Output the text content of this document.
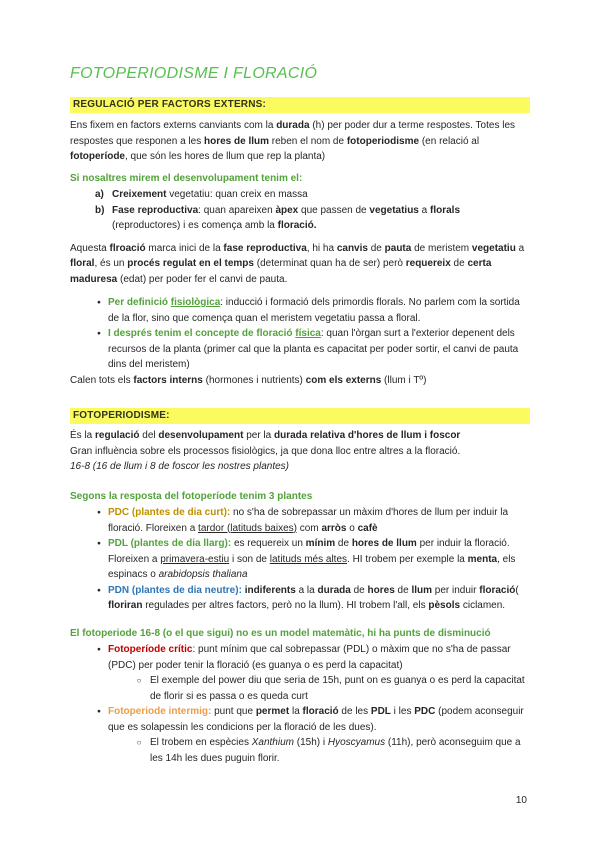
FOTOPERIODISME I FLORACIÓ
REGULACIÓ PER FACTORS EXTERNS:

Ens fixem en factors externs canviants com la durada (h) per poder dur a terme respostes. Totes les respostes que responen a les hores de llum reben el nom de fotoperiodisme (en relació al fotoperíode, que són les hores de llum que rep la planta)

Si nosaltres mirem el desenvolupament tenim el:
a) Creixement vegetatiu: quan creix en massa
b) Fase reproductiva: quan apareixen àpex que passen de vegetatius a florals (reproductores) i es comença amb la floració.

Aquesta flroació marca inici de la fase reproductiva, hi ha canvis de pauta de meristem vegetatiu a floral, és un procés regulat en el temps (determinat quan ha de ser) però requereix de certa maduresa (edat) per poder fer el canvi de pauta.

●
Per definició fisiològica: inducció i formació dels primordis florals. No parlem com la sortida de la flor, sino que comença quan el meristem vegetatiu passa a floral.
●
I després tenim el concepte de floració física: quan l'òrgan surt a l'exterior depenent dels recursos de la planta (primer cal que la planta es capacitat per poder sortir, el canvi de pauta dins del meristem)

Calen tots els factors interns (hormones i nutrients) com els externs (llum i Tº)

FOTOPERIODISME:

És la regulació del desenvolupament per la durada relativa d'hores de llum i foscor

Gran influència sobre els processos fisiològics, ja que dona lloc entre altres a la floració.

16-8 (16 de llum i 8 de foscor les nostres plantes)

Segons la resposta del fotoperíode tenim 3 plantes
●
PDC (plantes de dia curt): no s'ha de sobrepassar un màxim d'hores de llum per induir la floració. Floreixen a tardor (latituds baixes) com arròs o cafè
●
PDL (plantes de dia llarg): es requereix un mínim de hores de llum per induir la floració. Floreixen a primavera-estiu i son de latituds més altes. HI trobem per exemple la menta, els espinacs o arabidopsis thaliana
●
PDN (plantes de dia neutre): indiferents a la durada de hores de llum per induir floració( floriran regulades per altres factors, però no la llum). HI trobem l'all, els pèsols ciclamen.
El fotoperiode 16-8 (o el que sigui) no es un model matemàtic, hi ha punts de disminució
●
Fotoperíode crític: punt mínim que cal sobrepassar (PDL) o màxim que no s'ha de passar (PDC) per poder tenir la floració (es guanya o es perd la capacitat)
○
El exemple del power diu que seria de 15h, punt on es guanya o es perd la capacitat de florir si es passa o es queda curt
●
Fotoperiode intermig: punt que permet la floració de les PDL i les PDC (podem aconseguir que es solapessin les condicions per la floració de les dues).
○
El trobem en espècies Xanthium (15h) i Hyoscyamus (11h), però aconseguim que a les 14h les dues puguin florir.
10
